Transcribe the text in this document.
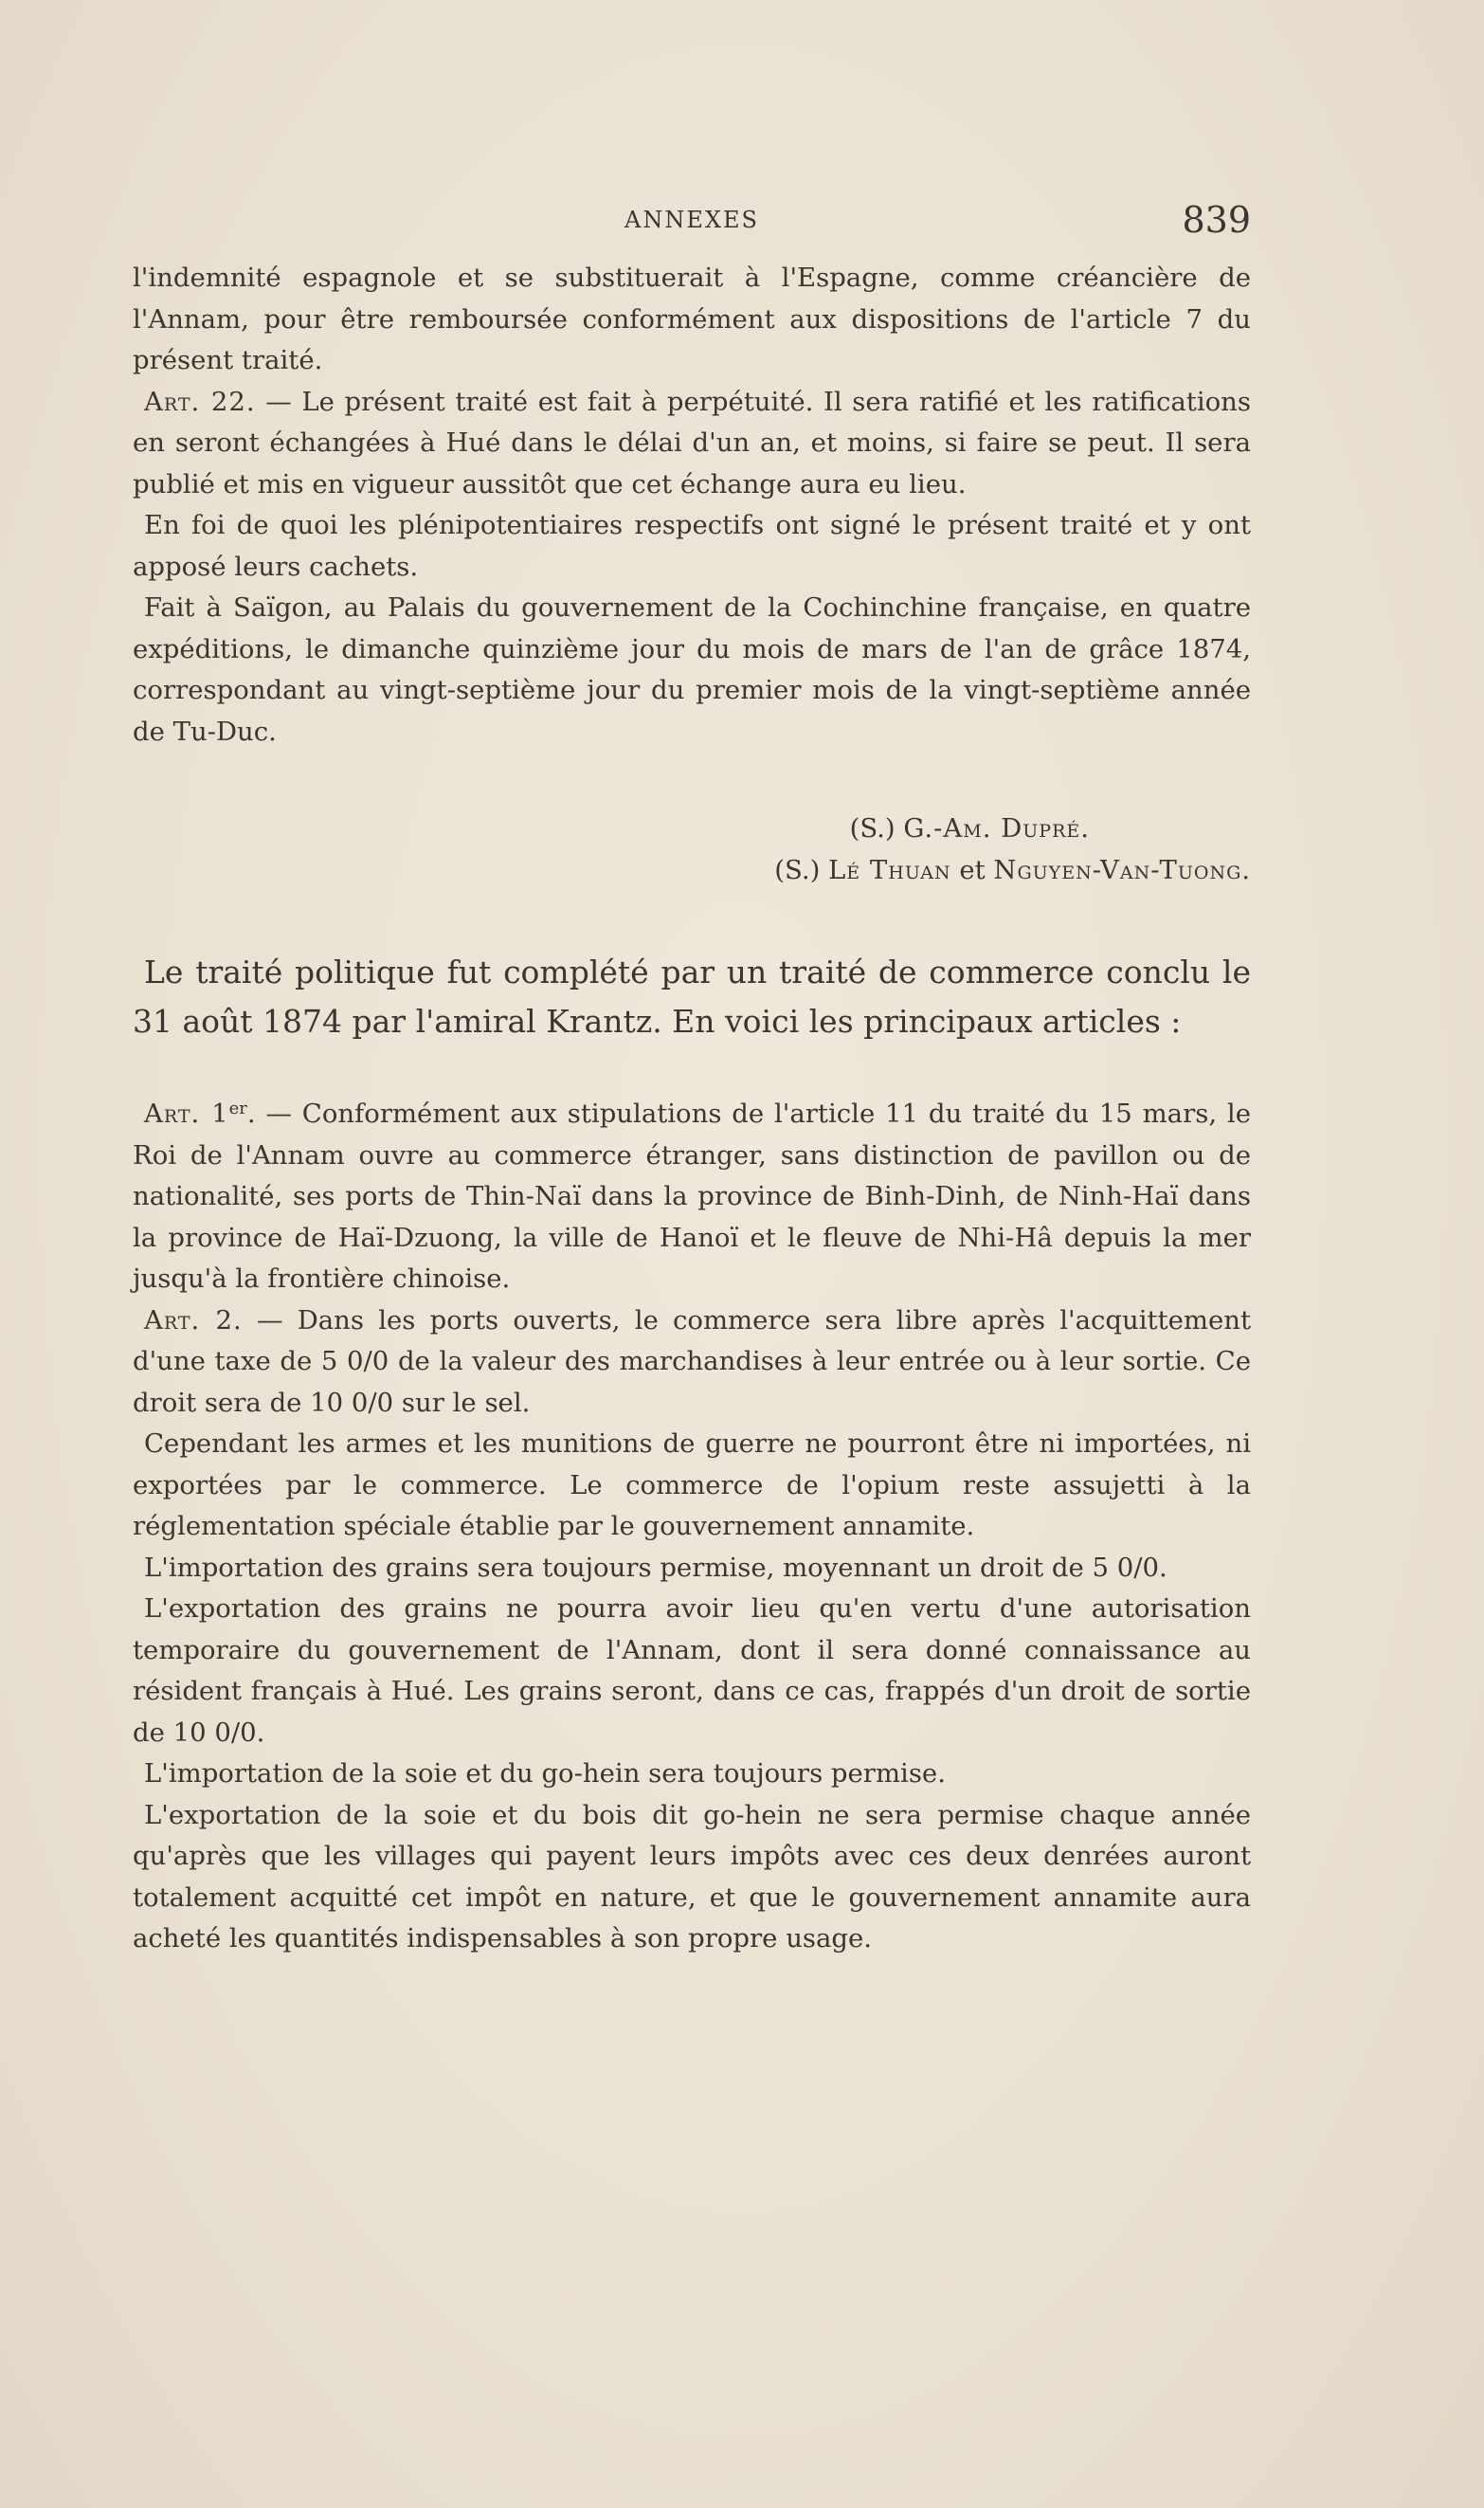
ANNEXES	839

l'indemnité espagnole et se substituerait à l'Espagne, comme créancière de l'Annam, pour être remboursée conformément aux dispositions de l'article 7 du présent traité.

Art. 22. — Le présent traité est fait à perpétuité. Il sera ratifié et les ratifications en seront échangées à Hué dans le délai d'un an, et moins, si faire se peut. Il sera publié et mis en vigueur aussitôt que cet échange aura eu lieu.

En foi de quoi les plénipotentiaires respectifs ont signé le présent traité et y ont apposé leurs cachets.

Fait à Saïgon, au Palais du gouvernement de la Cochinchine française, en quatre expéditions, le dimanche quinzième jour du mois de mars de l'an de grâce 1874, correspondant au vingt-septième jour du premier mois de la vingt-septième année de Tu-Duc.

(S.) G.-Am. Dupré.

(S.) Lé Thuan et Nguyen-Van-Tuong.

Le traité politique fut complété par un traité de commerce conclu le 31 août 1874 par l'amiral Krantz. En voici les principaux articles :

Art. 1er. — Conformément aux stipulations de l'article 11 du traité du 15 mars, le Roi de l'Annam ouvre au commerce étranger, sans distinction de pavillon ou de nationalité, ses ports de Thin-Naï dans la province de Binh-Dinh, de Ninh-Haï dans la province de Haï-Dzuong, la ville de Hanoï et le fleuve de Nhi-Hâ depuis la mer jusqu'à la frontière chinoise.

Art. 2. — Dans les ports ouverts, le commerce sera libre après l'acquittement d'une taxe de 5 0/0 de la valeur des marchandises à leur entrée ou à leur sortie. Ce droit sera de 10 0/0 sur le sel.

Cependant les armes et les munitions de guerre ne pourront être ni importées, ni exportées par le commerce. Le commerce de l'opium reste assujetti à la réglementation spéciale établie par le gouvernement annamite.

L'importation des grains sera toujours permise, moyennant un droit de 5 0/0.

L'exportation des grains ne pourra avoir lieu qu'en vertu d'une autorisation temporaire du gouvernement de l'Annam, dont il sera donné connaissance au résident français à Hué. Les grains seront, dans ce cas, frappés d'un droit de sortie de 10 0/0.

L'importation de la soie et du go-hein sera toujours permise.

L'exportation de la soie et du bois dit go-hein ne sera permise chaque année qu'après que les villages qui payent leurs impôts avec ces deux denrées auront totalement acquitté cet impôt en nature, et que le gouvernement annamite aura acheté les quantités indispensables à son propre usage.
